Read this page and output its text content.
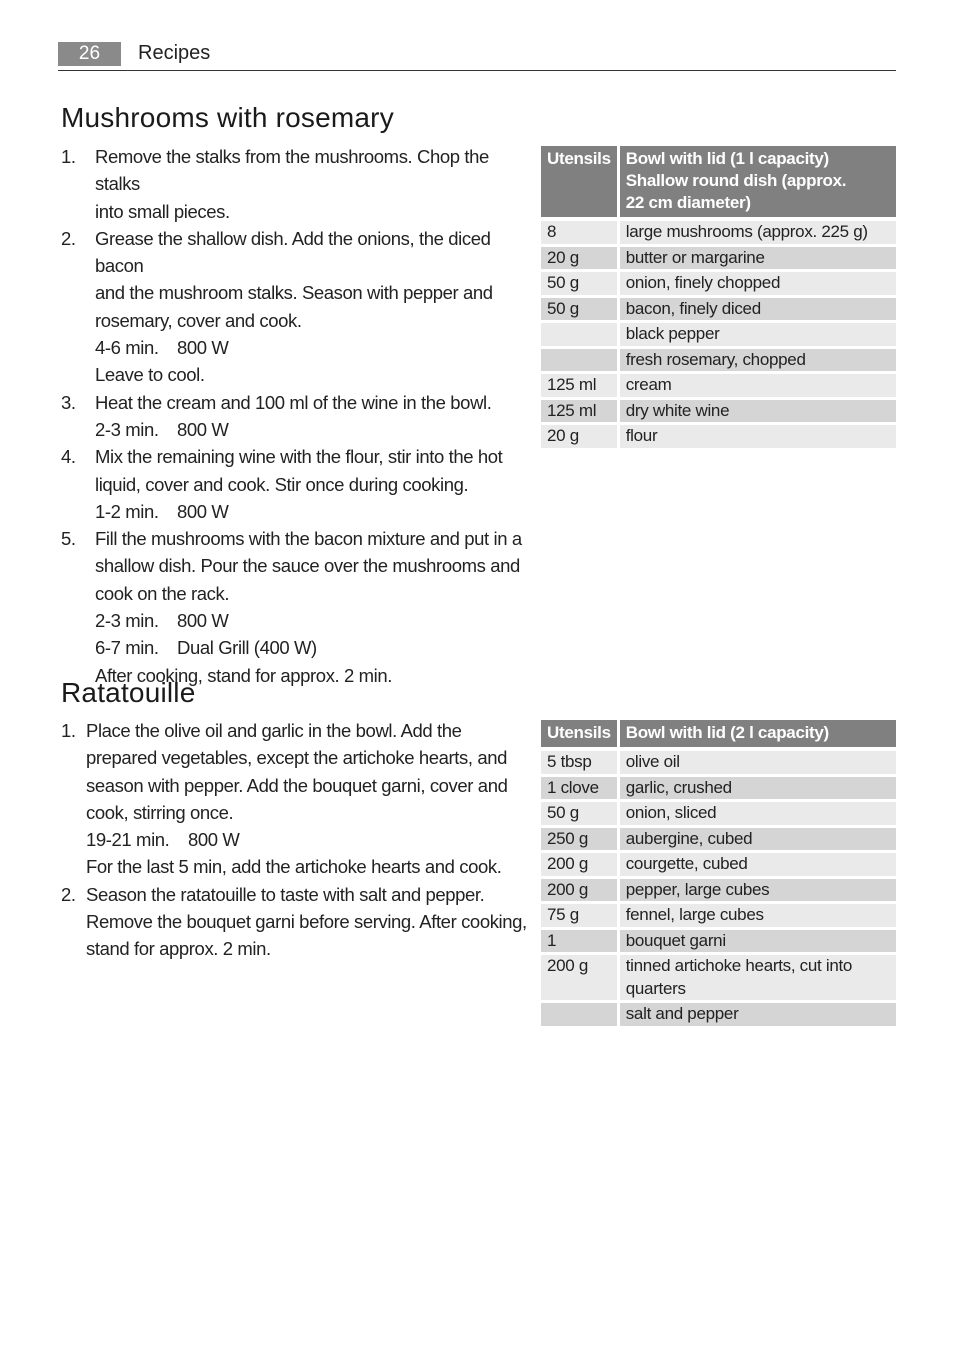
26	Recipes
Mushrooms with rosemary
1. Remove the stalks from the mushrooms. Chop the stalks
into small pieces.
2. Grease the shallow dish. Add the onions, the diced bacon
and the mushroom stalks. Season with pepper and
rosemary, cover and cook.
4-6 min. 800 W
Leave to cool.
3. Heat the cream and 100 ml of the wine in the bowl.
2-3 min. 800 W
4. Mix the remaining wine with the flour, stir into the hot
liquid, cover and cook. Stir once during cooking.
1-2 min. 800 W
5. Fill the mushrooms with the bacon mixture and put in a
shallow dish. Pour the sauce over the mushrooms and
cook on the rack.
2-3 min. 800 W
6-7 min. Dual Grill (400 W)
After cooking, stand for approx. 2 min.
Utensils	Bowl with lid (1 l capacity)
Shallow round dish (approx.
22 cm diameter)

8	large mushrooms (approx. 225 g)
20 g	butter or margarine
50 g	onion, finely chopped
50 g	bacon, finely diced
	black pepper
	fresh rosemary, chopped
125 ml	cream
125 ml	dry white wine
20 g	flour
Ratatouille
1. Place the olive oil and garlic in the bowl. Add the
prepared vegetables, except the artichoke hearts, and
season with pepper. Add the bouquet garni, cover and
cook, stirring once.
19-21 min. 800 W
For the last 5 min, add the artichoke hearts and cook.
2. Season the ratatouille to taste with salt and pepper.
Remove the bouquet garni before serving. After cooking,
stand for approx. 2 min.
Utensils	Bowl with lid (2 l capacity)

5 tbsp	olive oil
1 clove	garlic, crushed
50 g	onion, sliced
250 g	aubergine, cubed
200 g	courgette, cubed
200 g	pepper, large cubes
75 g	fennel, large cubes
1	bouquet garni
200 g	tinned artichoke hearts, cut into quarters
	salt and pepper
